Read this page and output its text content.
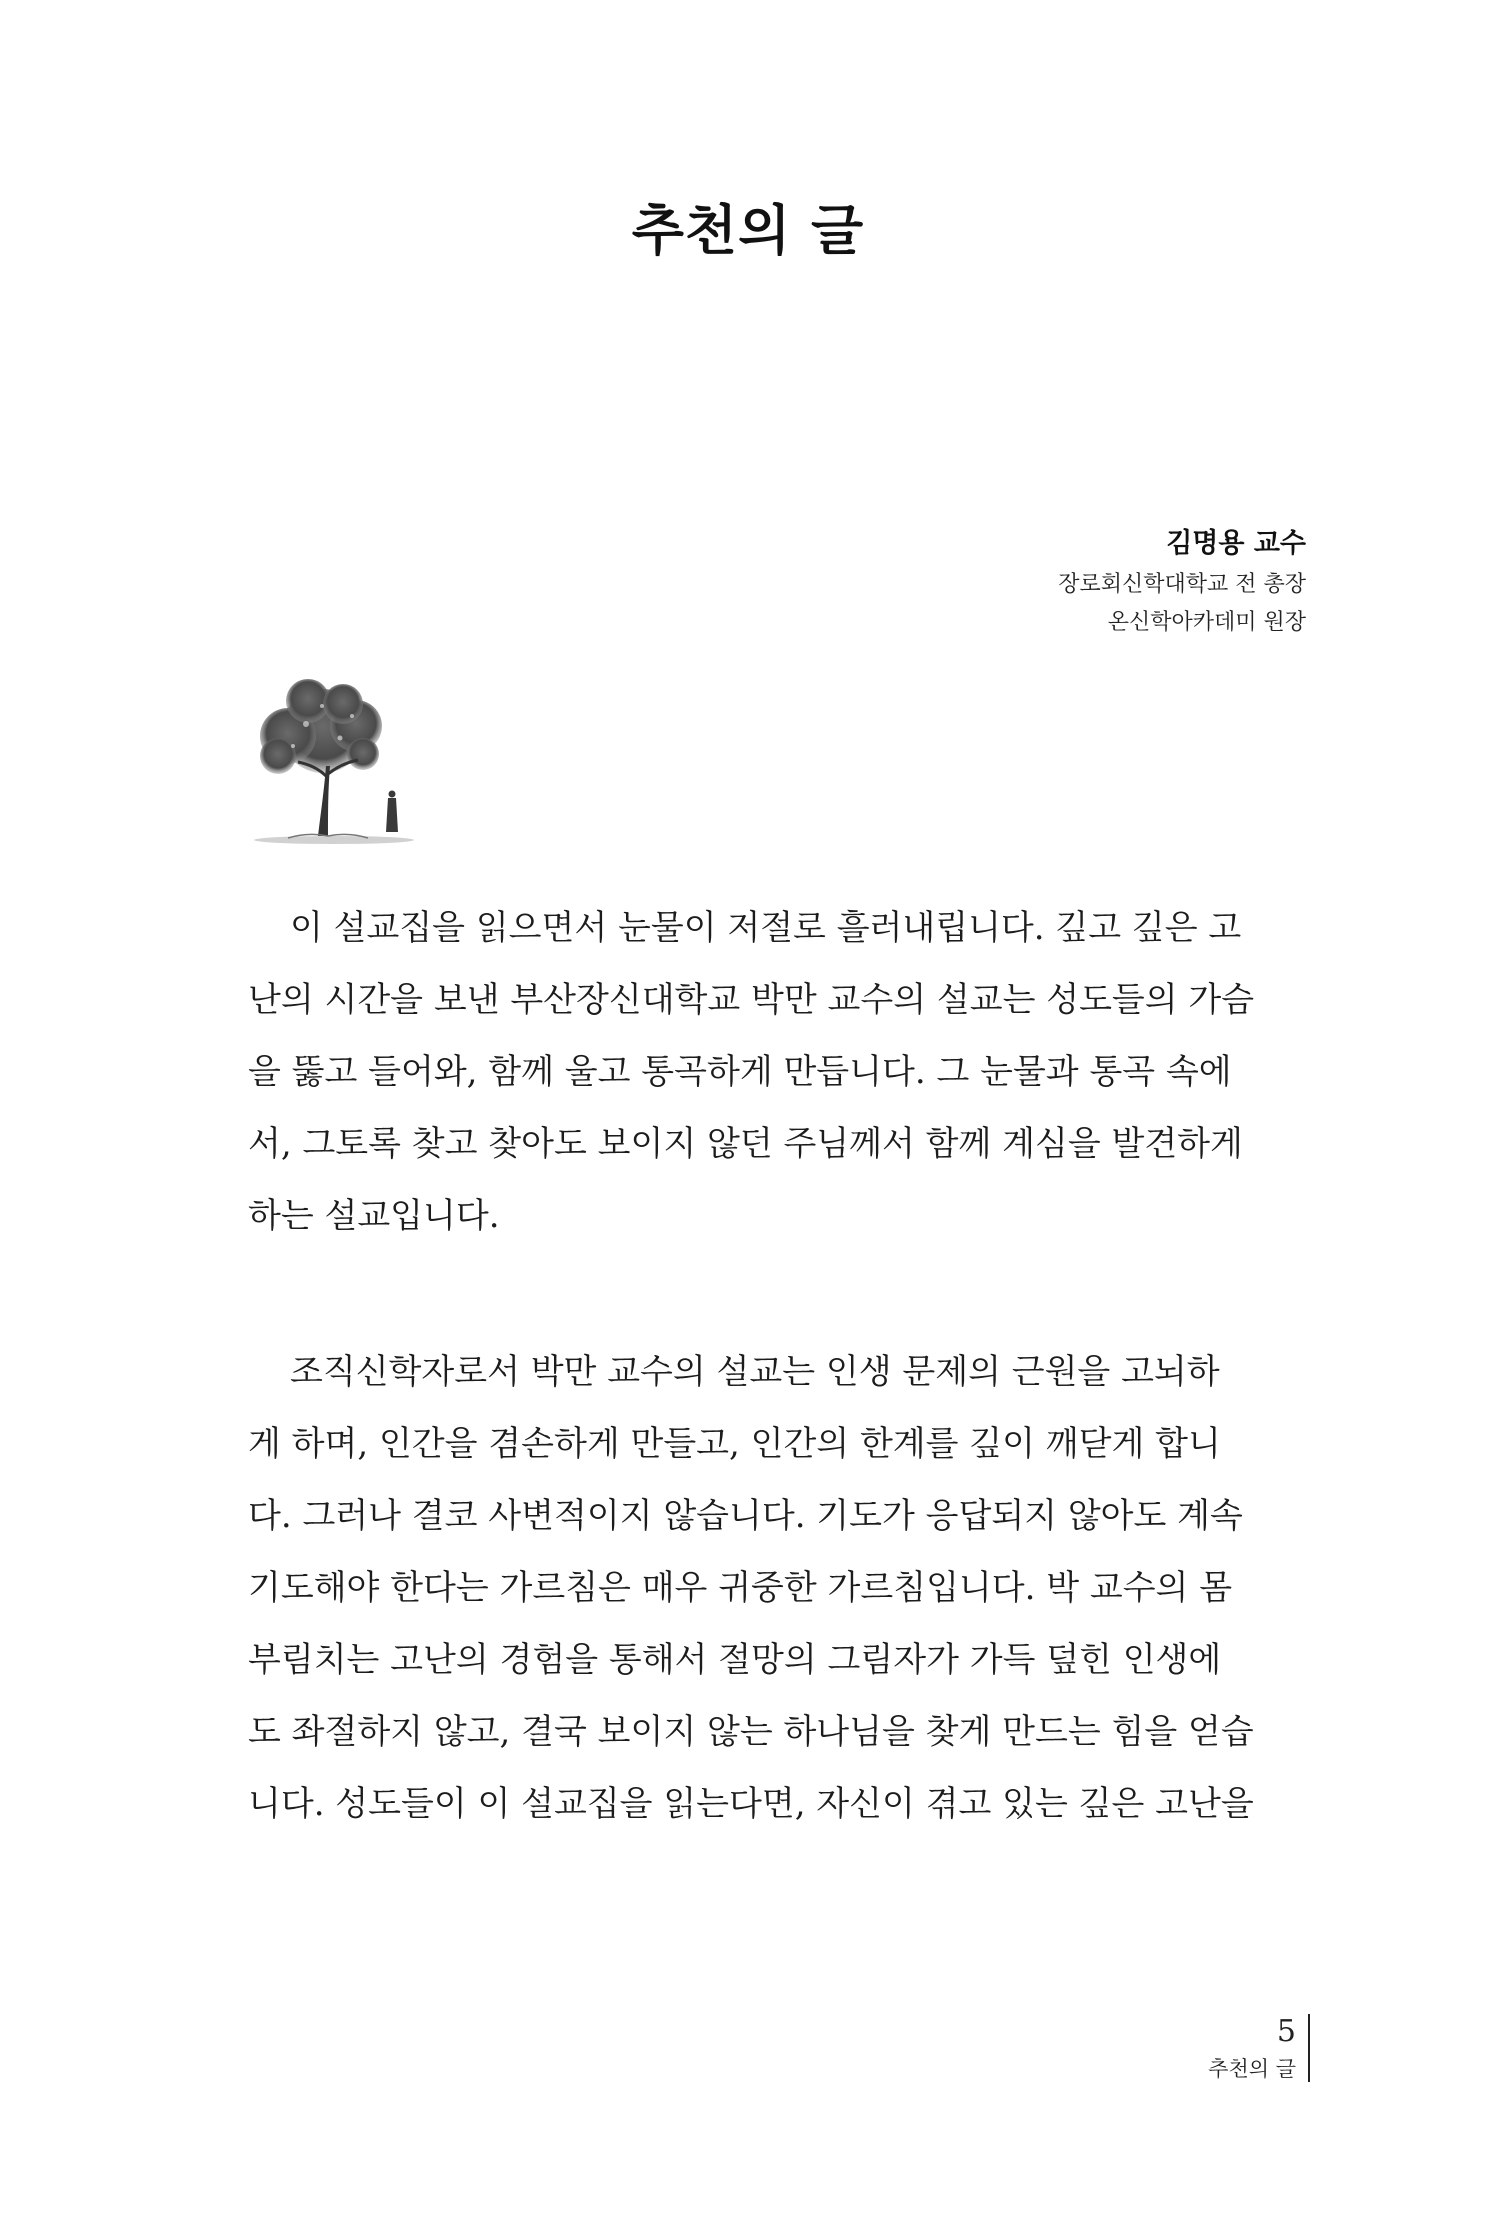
추천의 글
김명용 교수
장로회신학대학교 전 총장
온신학아카데미 원장

이 설교집을 읽으면서 눈물이 저절로 흘러내립니다. 깊고 깊은 고
난의 시간을 보낸 부산장신대학교 박만 교수의 설교는 성도들의 가슴
을 뚫고 들어와, 함께 울고 통곡하게 만듭니다. 그 눈물과 통곡 속에
서, 그토록 찾고 찾아도 보이지 않던 주님께서 함께 계심을 발견하게
하는 설교입니다.

조직신학자로서 박만 교수의 설교는 인생 문제의 근원을 고뇌하
게 하며, 인간을 겸손하게 만들고, 인간의 한계를 깊이 깨닫게 합니
다. 그러나 결코 사변적이지 않습니다. 기도가 응답되지 않아도 계속
기도해야 한다는 가르침은 매우 귀중한 가르침입니다. 박 교수의 몸
부림치는 고난의 경험을 통해서 절망의 그림자가 가득 덮힌 인생에
도 좌절하지 않고, 결국 보이지 않는 하나님을 찾게 만드는 힘을 얻습
니다. 성도들이 이 설교집을 읽는다면, 자신이 겪고 있는 깊은 고난을

5
추천의 글
